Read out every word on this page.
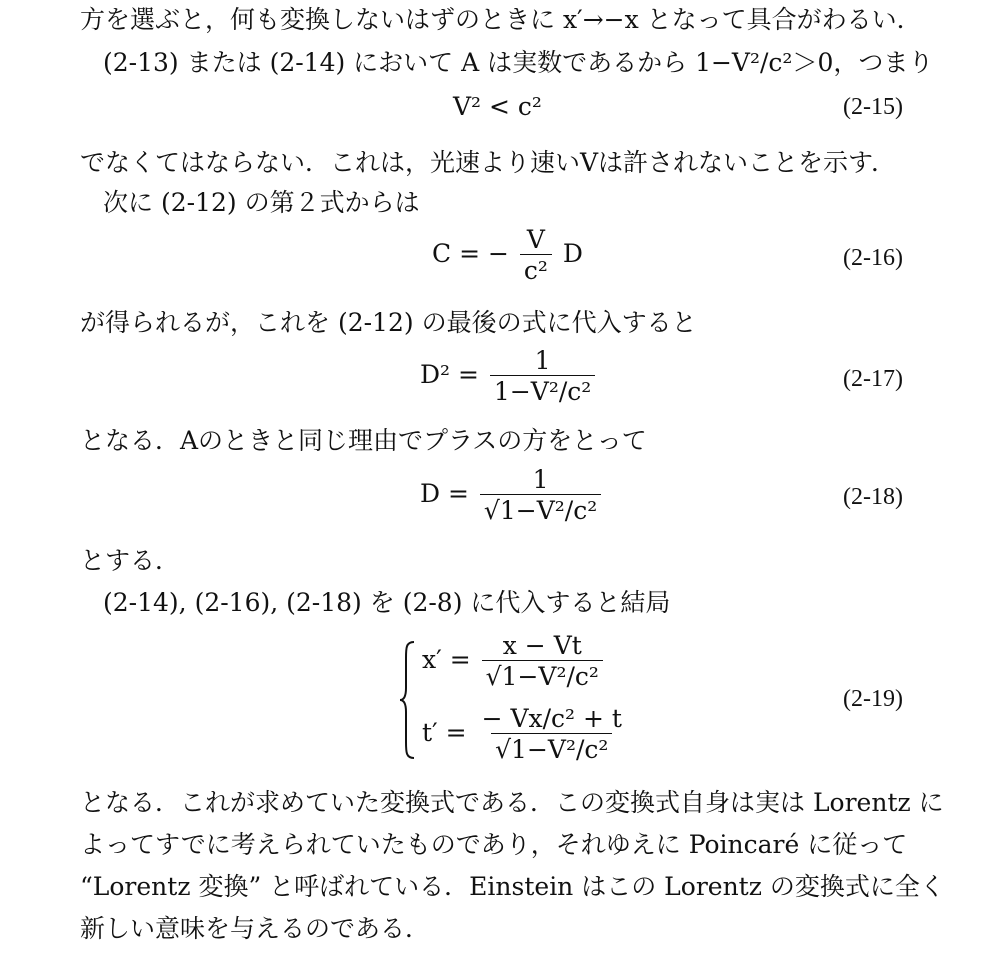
方を選ぶと，何も変換しないはずのときに x′→−x となって具合がわるい．
(2-13) または (2-14) において A は実数であるから 1−V²/c²＞0，つまり
V² < c²	(2-15)
でなくてはならない．これは，光速より速いVは許されないことを示す．
次に (2-12) の第２式からは
C = − $\frac{V}{\text{c²}}$ D	(2-16)
が得られるが，これを (2-12) の最後の式に代入すると
$D^2 = \frac{1}{\text{1−V²/c²}}$	(2-17)
となる．Aのときと同じ理由でプラスの方をとって
$D = \frac{1}{\text{√1−V²/c²}}$	(2-18)
とする．
(2-14), (2-16), (2-18) を (2-8) に代入すると結局
$x' = \frac{x - Vt}{\text{√1−V²/c²}}$
$t' = \frac{\text{− Vx/c² + t}}{\text{√1−V²/c²}}$
(2-19)
となる．これが求めていた変換式である．この変換式自身は実は Lorentz に
よってすでに考えられていたものであり，それゆえに Poincaré に従って
“Lorentz 変換” と呼ばれている．Einstein はこの Lorentz の変換式に全く
新しい意味を与えるのである．
